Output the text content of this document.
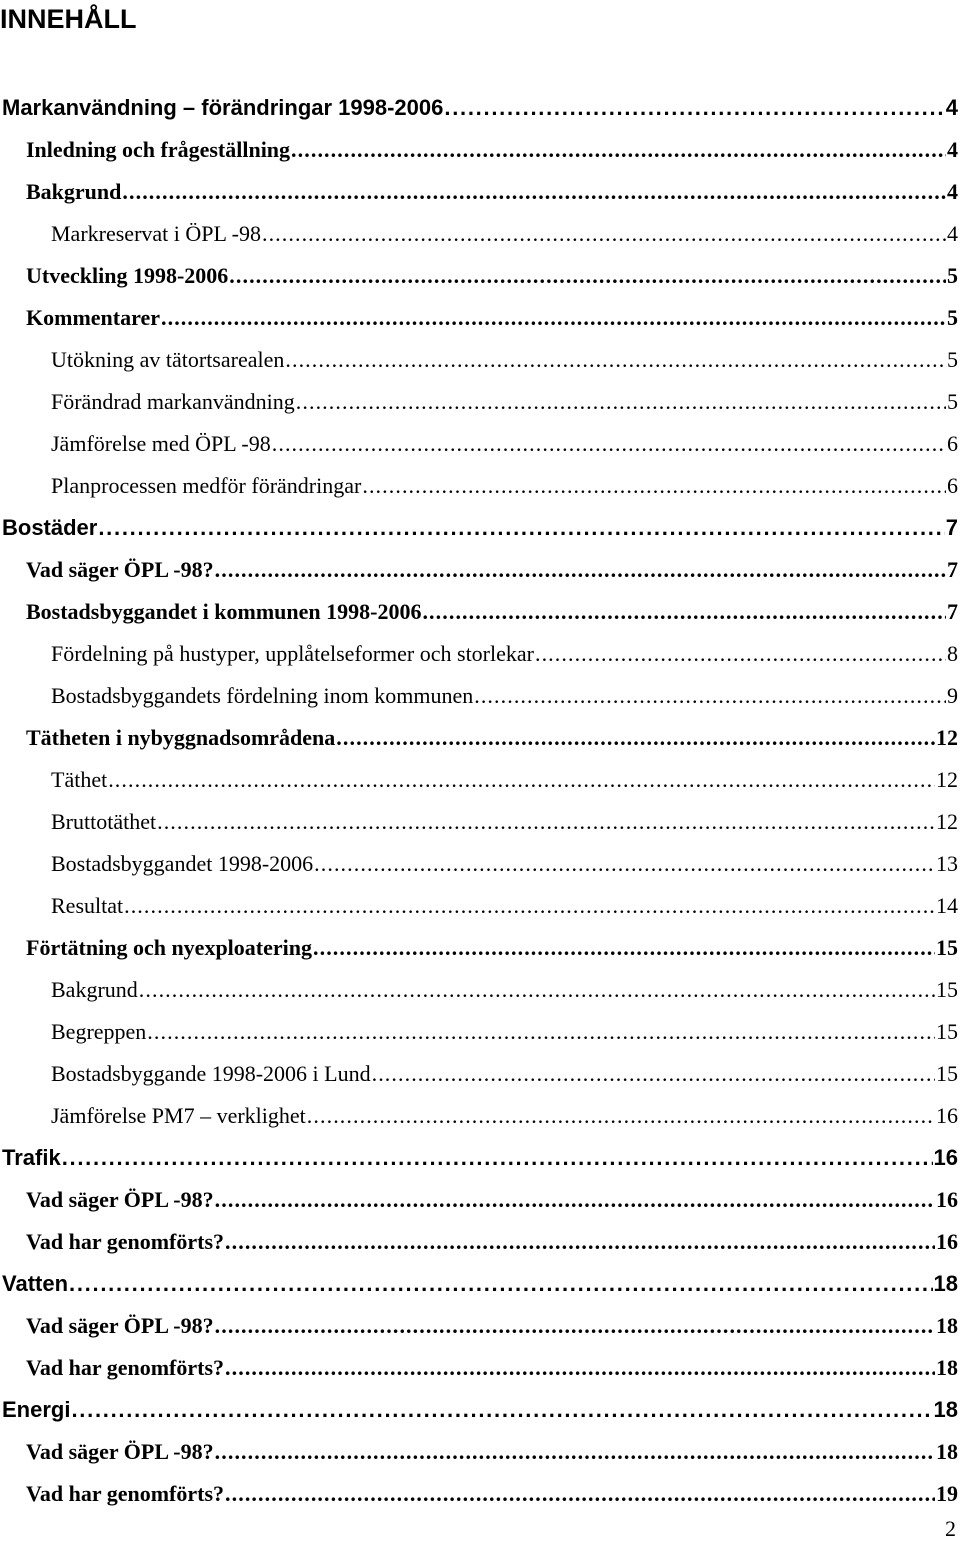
INNEHÅLL
Markanvändning – förändringar 1998-2006 . . .	4
Inledning och frågeställning . . .	4
Bakgrund . . .	4
Markreservat i ÖPL -98 . . .	4
Utveckling 1998-2006 . . .	5
Kommentarer . . .	5
Utökning av tätortsarealen . . .	5
Förändrad markanvändning . . .	5
Jämförelse med ÖPL -98 . . .	6
Planprocessen medför förändringar . . .	6
Bostäder . . .	7
Vad säger ÖPL -98? . . .	7
Bostadsbyggandet i kommunen 1998-2006 . . .	7
Fördelning på hustyper, upplåtelseformer och storlekar . . .	8
Bostadsbyggandets fördelning inom kommunen . . .	9
Tätheten i nybyggnadsområdena . . .	12
Täthet . . .	12
Bruttotäthet . . .	12
Bostadsbyggandet 1998-2006 . . .	13
Resultat . . .	14
Förtätning och nyexploatering . . .	15
Bakgrund . . .	15
Begreppen . . .	15
Bostadsbyggande 1998-2006 i Lund . . .	15
Jämförelse PM7 – verklighet . . .	16
Trafik . . .	16
Vad säger ÖPL -98? . . .	16
Vad har genomförts? . . .	16
Vatten . . .	18
Vad säger ÖPL -98? . . .	18
Vad har genomförts? . . .	18
Energi . . .	18
Vad säger ÖPL -98? . . .	18
Vad har genomförts? . . .	19
2
